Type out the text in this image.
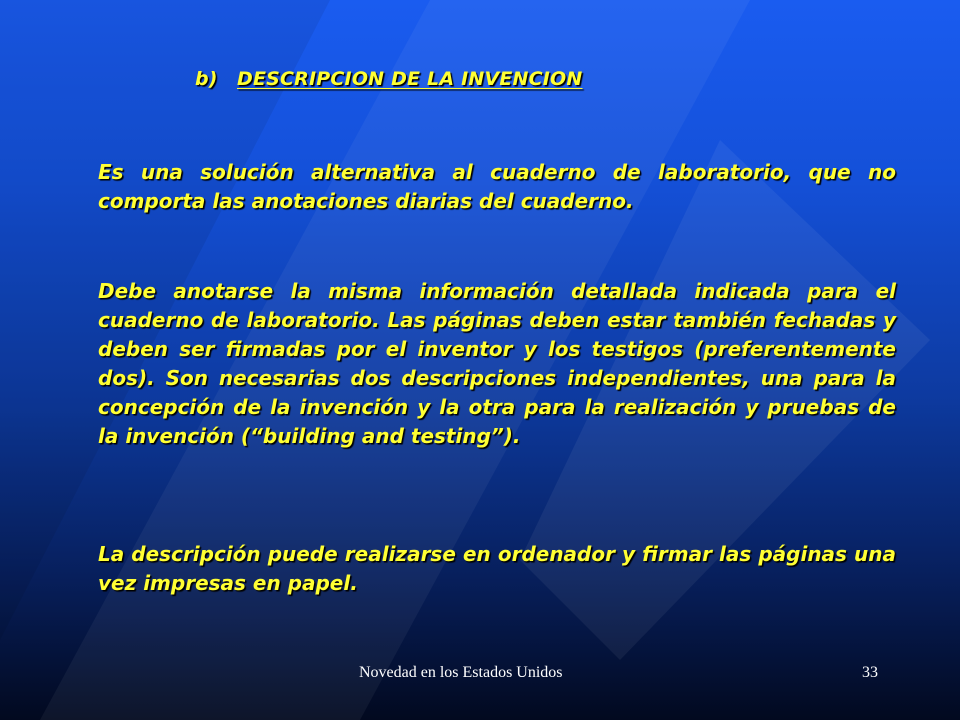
b) DESCRIPCION DE LA INVENCION

Es una solución alternativa al cuaderno de laboratorio, que no comporta las anotaciones diarias del cuaderno.

Debe anotarse la misma información detallada indicada para el cuaderno de laboratorio. Las páginas deben estar también fechadas y deben ser firmadas por el inventor y los testigos (preferentemente dos). Son necesarias dos descripciones independientes, una para la concepción de la invención y la otra para la realización y pruebas de la invención (“building and testing”).

La descripción puede realizarse en ordenador y firmar las páginas una vez impresas en papel.

Novedad en los Estados Unidos	33
